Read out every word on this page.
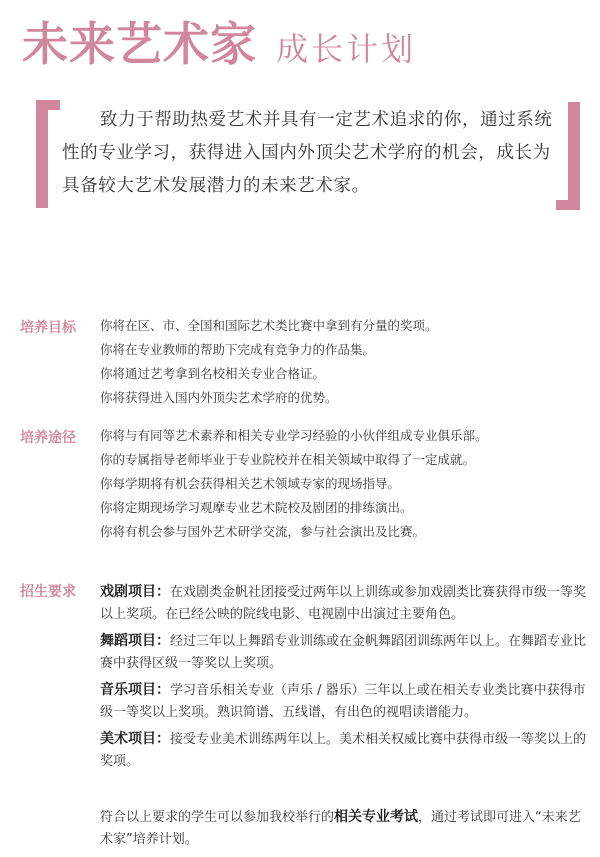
未来艺术家 成长计划
致力于帮助热爱艺术并具有一定艺术追求的你，通过系统性的专业学习，获得进入国内外顶尖艺术学府的机会，成长为具备较大艺术发展潜力的未来艺术家。
培养目标 你将在区、市、全国和国际艺术类比赛中拿到有分量的奖项。
你将在专业教师的帮助下完成有竞争力的作品集。
你将通过艺考拿到名校相关专业合格证。
你将获得进入国内外顶尖艺术学府的优势。
培养途径 你将与有同等艺术素养和相关专业学习经验的小伙伴组成专业俱乐部。
你的专属指导老师毕业于专业院校并在相关领域中取得了一定成就。
你每学期将有机会获得相关艺术领域专家的现场指导。
你将定期现场学习观摩专业艺术院校及剧团的排练演出。
你将有机会参与国外艺术研学交流，参与社会演出及比赛。
招生要求 戏剧项目：在戏剧类金帆社团接受过两年以上训练或参加戏剧类比赛获得市级一等奖以上奖项。在已经公映的院线电影、电视剧中出演过主要角色。
舞蹈项目：经过三年以上舞蹈专业训练或在金帆舞蹈团训练两年以上。在舞蹈专业比赛中获得区级一等奖以上奖项。
音乐项目：学习音乐相关专业（声乐 / 器乐）三年以上或在相关专业类比赛中获得市级一等奖以上奖项。熟识简谱、五线谱，有出色的视唱读谱能力。
美术项目：接受专业美术训练两年以上。美术相关权威比赛中获得市级一等奖以上的奖项。
符合以上要求的学生可以参加我校举行的相关专业考试，通过考试即可进入“未来艺术家”培养计划。
